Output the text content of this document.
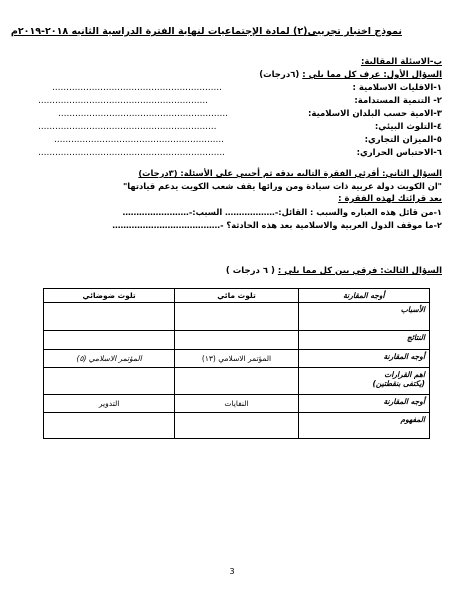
نموذج اختبار تجريبي(٢) لمادة الإجتماعيات لنهاية الفترة الدراسية الثانيه ٢٠١٨-٢٠١٩م
ب-الاسئلة المقالية:
السؤال الأول: عرف كل مما يلي : (٦درجات)
١-الاقليات الاسلامية :
……………………………………………………
٢- التنمية المستدامة:
……………………………………………………
٣-الامية حسب البلدان الاسلامية:
……………………………………………………
٤-التلوث البيئي:
………………………………………………………
٥-الميزان التجاري:
……………………………………………………
٦-الاحتباس الحراري:
…………………………………………………………
السؤال الثاني: أقرئي الفقرة التاليه بدقه ثم أجيبي على الأسئلة: (٣درجات)
"ان الكويت دولة عربية ذات سيادة ومن ورائها يقف شعب الكويت يدعم قيادتها"
بعد قرائتك لهذه الفقرة :
١-من قائل هذه العباره والسبب : القائل:-……………… السبب:-……………………
٢-ما موقف الدول العربية والاسلامية بعد هذه الحادثة؟ -…………………………………
السؤال الثالث: فرقي بين كل مما يلي : ( ٦ درجات )
أوجه المقارنة	تلوث مائي	تلوث ضوضائي
الأسباب		
النتائج		
أوجه المقارنة	المؤتمر الاسلامي (١٣)	المؤتمر الاسلامي (٥)
اهم القرارات
(يكتفى بنقطتين)		
أوجه المقارنة	النفايات	التدوير
المفهوم		
3
